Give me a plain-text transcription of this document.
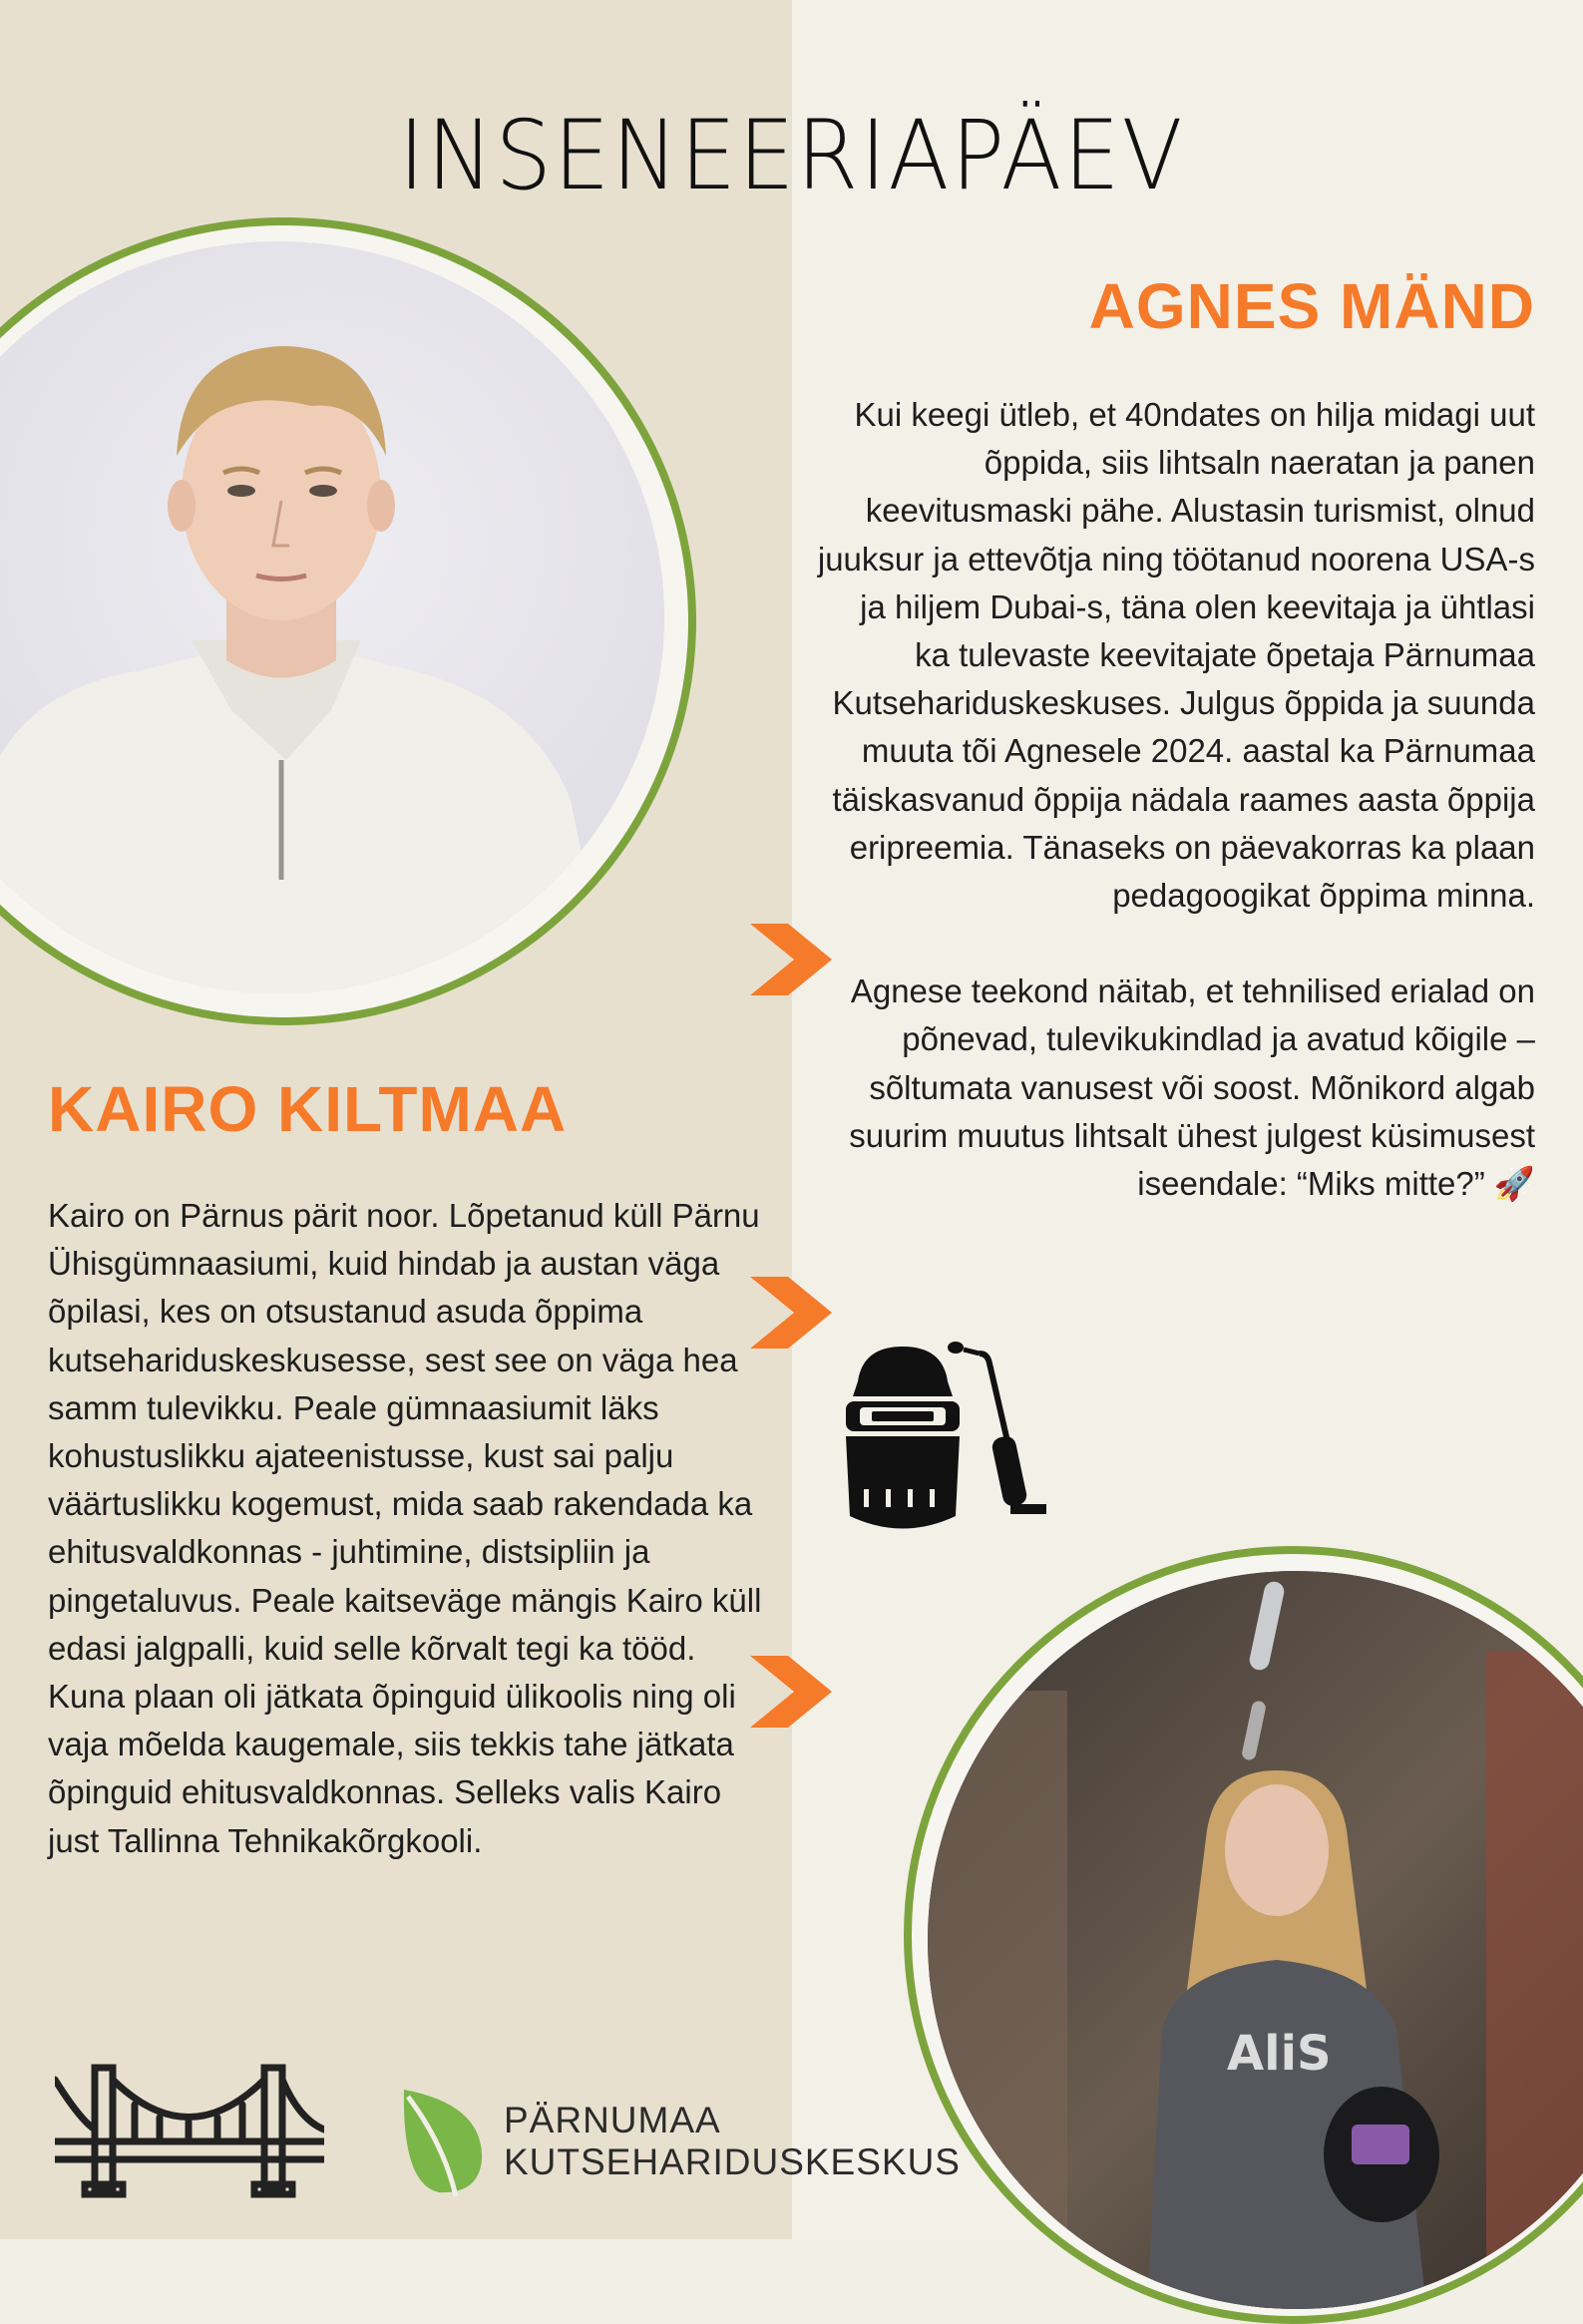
INSENEERIAPÄEV
AGNES MÄND

Kui keegi ütleb, et 40ndates on hilja midagi uut õppida, siis lihtsaln naeratan ja panen keevitusmaski pähe. Alustasin turismist, olnud juuksur ja ettevõtja ning töötanud noorena USA-s ja hiljem Dubai-s, täna olen keevitaja ja ühtlasi ka tulevaste keevitajate õpetaja Pärnumaa Kutsehariduskeskuses. Julgus õppida ja suunda muuta tõi Agnesele 2024. aastal ka Pärnumaa täiskasvanud õppija nädala raames aasta õppija eripreemia. Tänaseks on päevakorras ka plaan pedagoogikat õppima minna.

Agnese teekond näitab, et tehnilised erialad on põnevad, tulevikukindlad ja avatud kõigile – sõltumata vanusest või soost. Mõnikord algab suurim muutus lihtsalt ühest julgest küsimusest iseendale: “Miks mitte?” 🚀

KAIRO KILTMAA

Kairo on Pärnus pärit noor. Lõpetanud küll Pärnu Ühisgümnaasiumi, kuid hindab ja austan väga õpilasi, kes on otsustanud asuda õppima kutsehariduskeskusesse, sest see on väga hea samm tulevikku. Peale gümnaasiumit läks kohustuslikku ajateenistusse, kust sai palju väärtuslikku kogemust, mida saab rakendada ka ehitusvaldkonnas - juhtimine, distsipliin ja pingetaluvus. Peale kaitseväge mängis Kairo küll edasi jalgpalli, kuid selle kõrvalt tegi ka tööd.

Kuna plaan oli jätkata õpinguid ülikoolis ning oli vaja mõelda kaugemale, siis tekkis tahe jätkata õpinguid ehitusvaldkonnas. Selleks valis Kairo just Tallinna Tehnikakõrgkooli.

AliS
PÄRNUMAA
KUTSEHARIDUSKESKUS
